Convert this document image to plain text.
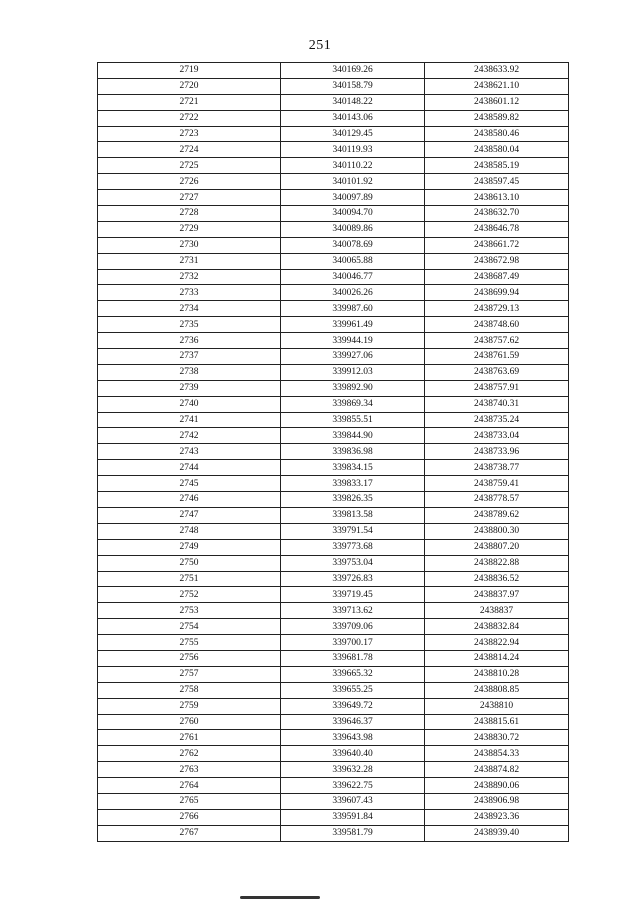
251
2719	340169.26	2438633.92
2720	340158.79	2438621.10
2721	340148.22	2438601.12
2722	340143.06	2438589.82
2723	340129.45	2438580.46
2724	340119.93	2438580.04
2725	340110.22	2438585.19
2726	340101.92	2438597.45
2727	340097.89	2438613.10
2728	340094.70	2438632.70
2729	340089.86	2438646.78
2730	340078.69	2438661.72
2731	340065.88	2438672.98
2732	340046.77	2438687.49
2733	340026.26	2438699.94
2734	339987.60	2438729.13
2735	339961.49	2438748.60
2736	339944.19	2438757.62
2737	339927.06	2438761.59
2738	339912.03	2438763.69
2739	339892.90	2438757.91
2740	339869.34	2438740.31
2741	339855.51	2438735.24
2742	339844.90	2438733.04
2743	339836.98	2438733.96
2744	339834.15	2438738.77
2745	339833.17	2438759.41
2746	339826.35	2438778.57
2747	339813.58	2438789.62
2748	339791.54	2438800.30
2749	339773.68	2438807.20
2750	339753.04	2438822.88
2751	339726.83	2438836.52
2752	339719.45	2438837.97
2753	339713.62	2438837
2754	339709.06	2438832.84
2755	339700.17	2438822.94
2756	339681.78	2438814.24
2757	339665.32	2438810.28
2758	339655.25	2438808.85
2759	339649.72	2438810
2760	339646.37	2438815.61
2761	339643.98	2438830.72
2762	339640.40	2438854.33
2763	339632.28	2438874.82
2764	339622.75	2438890.06
2765	339607.43	2438906.98
2766	339591.84	2438923.36
2767	339581.79	2438939.40
